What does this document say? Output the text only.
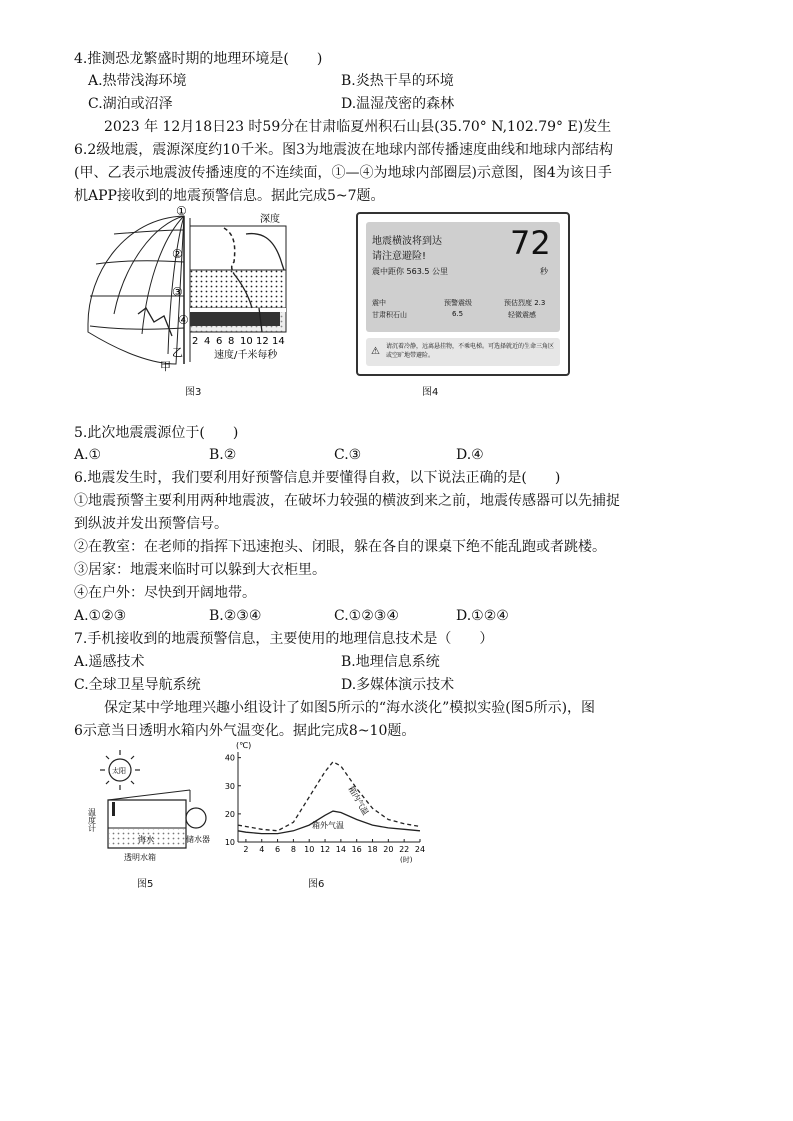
4.推测恐龙繁盛时期的地理环境是(　　)
A.热带浅海环境	B.炎热干旱的环境
C.湖泊或沼泽	D.温湿茂密的森林
2023 年 12月18日23 时59分在甘肃临夏州积石山县(35.70° N,102.79° E)发生
6.2级地震，震源深度约10千米。图3为地震波在地球内部传播速度曲线和地球内部结构
(甲、乙表示地震波传播速度的不连续面，①—④为地球内部圈层)示意图，图4为该日手
机APP接收到的地震预警信息。据此完成5~7题。
①
②
③
④
深度
2 4 6 8 10 12 14
速度/千米每秒
乙
甲
图3
地震横波将到达
请注意避险!	72
秒
震中距你 563.5 公里
震中	预警震级	预估烈度 2.3
甘肃积石山	6.5	轻微震感
⚠ 请沉着冷静，远离悬挂物，不乘电梯。可选择就近的生命三角区或空旷地带避险。
图4
5.此次地震震源位于(　　)
A.①	B.②	C.③	D.④
6.地震发生时，我们要利用好预警信息并要懂得自救，以下说法正确的是(　　)
①地震预警主要利用两种地震波，在破坏力较强的横波到来之前，地震传感器可以先捕捉
到纵波并发出预警信号。
②在教室：在老师的指挥下迅速抱头、闭眼，躲在各自的课桌下绝不能乱跑或者跳楼。
③居家：地震来临时可以躲到大衣柜里。
④在户外：尽快到开阔地带。
A.①②③	B.②③④	C.①②③④	D.①②④
7.手机接收到的地震预警信息，主要使用的地理信息技术是（　　）
A.遥感技术	B.地理信息系统
C.全球卫星导航系统	D.多媒体演示技术
保定某中学地理兴趣小组设计了如图5所示的“海水淡化”模拟实验(图5所示)，图
6示意当日透明水箱内外气温变化。据此完成8~10题。
太阳
温度计
海水
透明水箱
储水器
图5
(℃)
(时)
10
20
30
40
2 4 6 8 10 12 14 16 18 20 22 24
箱内气温
箱外气温
图6
